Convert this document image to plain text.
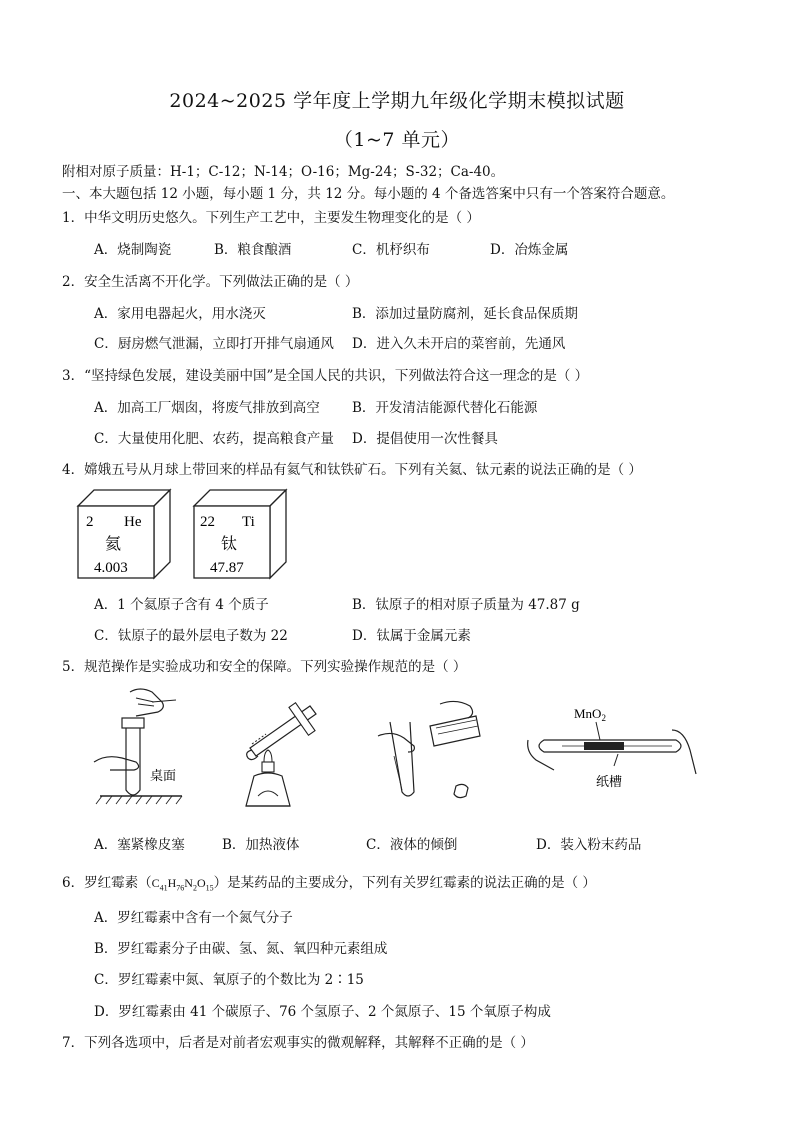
2024~2025 学年度上学期九年级化学期末模拟试题
（1~7 单元）
附相对原子质量：H-1；C-12；N-14；O-16；Mg-24；S-32；Ca-40。
一、本大题包括 12 小题，每小题 1 分，共 12 分。每小题的 4 个备选答案中只有一个答案符合题意。
1．中华文明历史悠久。下列生产工艺中，主要发生物理变化的是（ ）
A．烧制陶瓷	B．粮食酿酒	C．机杼织布	D．冶炼金属
2．安全生活离不开化学。下列做法正确的是（ ）
A．家用电器起火，用水浇灭	B．添加过量防腐剂，延长食品保质期
C．厨房燃气泄漏，立即打开排气扇通风 D．进入久未开启的菜窖前，先通风
3．“坚持绿色发展，建设美丽中国”是全国人民的共识，下列做法符合这一理念的是（ ）
A．加高工厂烟囱，将废气排放到高空 B．开发清洁能源代替化石能源
C．大量使用化肥、农药，提高粮食产量 D．提倡使用一次性餐具
4．嫦娥五号从月球上带回来的样品有氦气和钛铁矿石。下列有关氦、钛元素的说法正确的是（ ）
2 He
氦
4.003
22 Ti
钛
47.87
A．1 个氦原子含有 4 个质子	B．钛原子的相对原子质量为 47.87 g
C．钛原子的最外层电子数为 22	D．钛属于金属元素
5．规范操作是实验成功和安全的保障。下列实验操作规范的是（ ）
桌面
MnO$_2$
纸槽
A．塞紧橡皮塞	B．加热液体	C．液体的倾倒	D．装入粉末药品
6．罗红霉素$(C_{41}H_{76}N_2O_{15})$是某药品的主要成分，下列有关罗红霉素的说法正确的是（ ）
A．罗红霉素中含有一个氮气分子
B．罗红霉素分子由碳、氢、氮、氧四种元素组成
C．罗红霉素中氮、氧原子的个数比为 2∶15
D．罗红霉素由 41 个碳原子、76 个氢原子、2 个氮原子、15 个氧原子构成
7．下列各选项中，后者是对前者宏观事实的微观解释，其解释不正确的是（ ）
